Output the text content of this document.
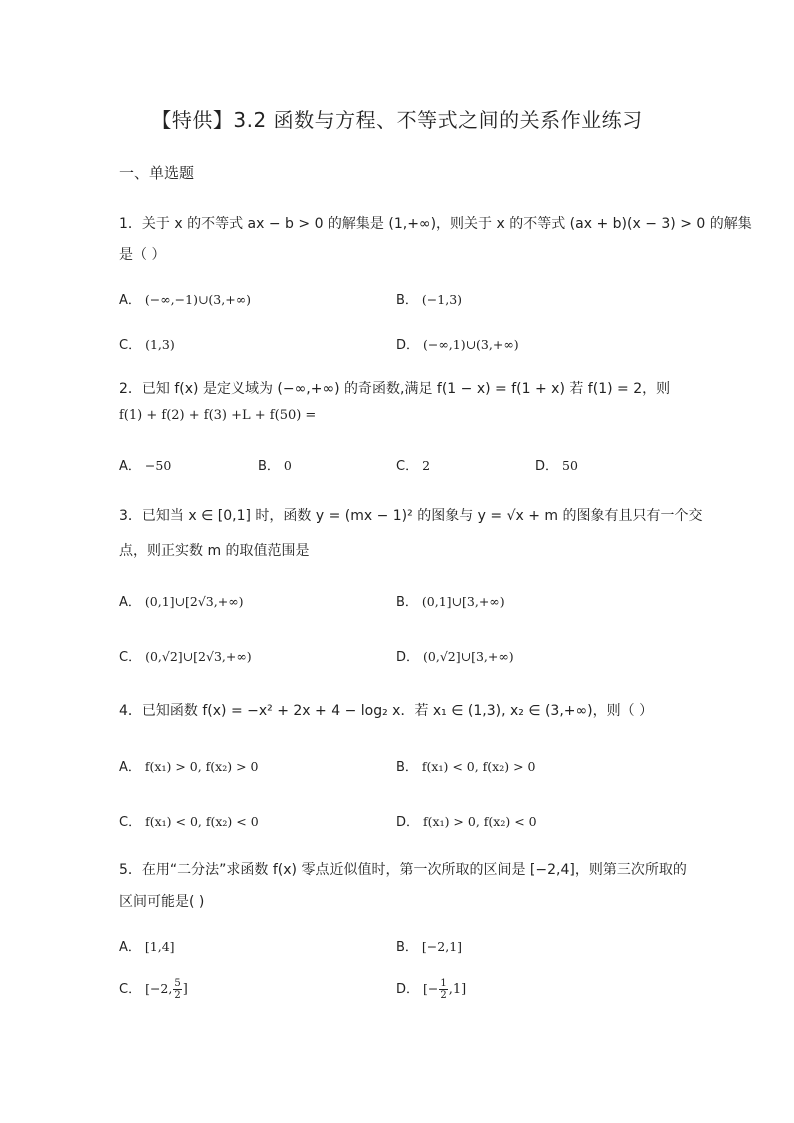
【特供】3.2 函数与方程、不等式之间的关系作业练习
一、单选题
1．关于 x 的不等式 ax − b > 0 的解集是 (1,+∞)，则关于 x 的不等式 (ax + b)(x − 3) > 0 的解集
是（ ）
A． (−∞,−1)∪(3,+∞)	B． (−1,3)
C． (1,3)	D． (−∞,1)∪(3,+∞)
2．已知 f(x) 是定义域为 (−∞,+∞) 的奇函数,满足 f(1 − x) = f(1 + x) 若 f(1) = 2，则
f(1) + f(2) + f(3) +L + f(50) =
A． −50	B． 0	C． 2	D． 50
3．已知当 x ∈ [0,1] 时，函数 y = (mx − 1)² 的图象与 y = √x + m 的图象有且只有一个交
点，则正实数 m 的取值范围是
A． (0,1]∪[2√3,+∞)	B． (0,1]∪[3,+∞)
C． (0,√2]∪[2√3,+∞)	D． (0,√2]∪[3,+∞)
4．已知函数 f(x) = −x² + 2x + 4 − log₂ x．若 x₁ ∈ (1,3), x₂ ∈ (3,+∞)，则（ ）
A． f(x₁) > 0, f(x₂) > 0	B． f(x₁) < 0, f(x₂) > 0
C． f(x₁) < 0, f(x₂) < 0	D． f(x₁) > 0, f(x₂) < 0
5．在用“二分法”求函数 f(x) 零点近似值时，第一次所取的区间是 [−2,4]，则第三次所取的
区间可能是( )
A． [1,4]	B． [−2,1]
C． [−2, $\frac{5}{2}$ ]	D． [− $\frac{1}{2} ,1$]
